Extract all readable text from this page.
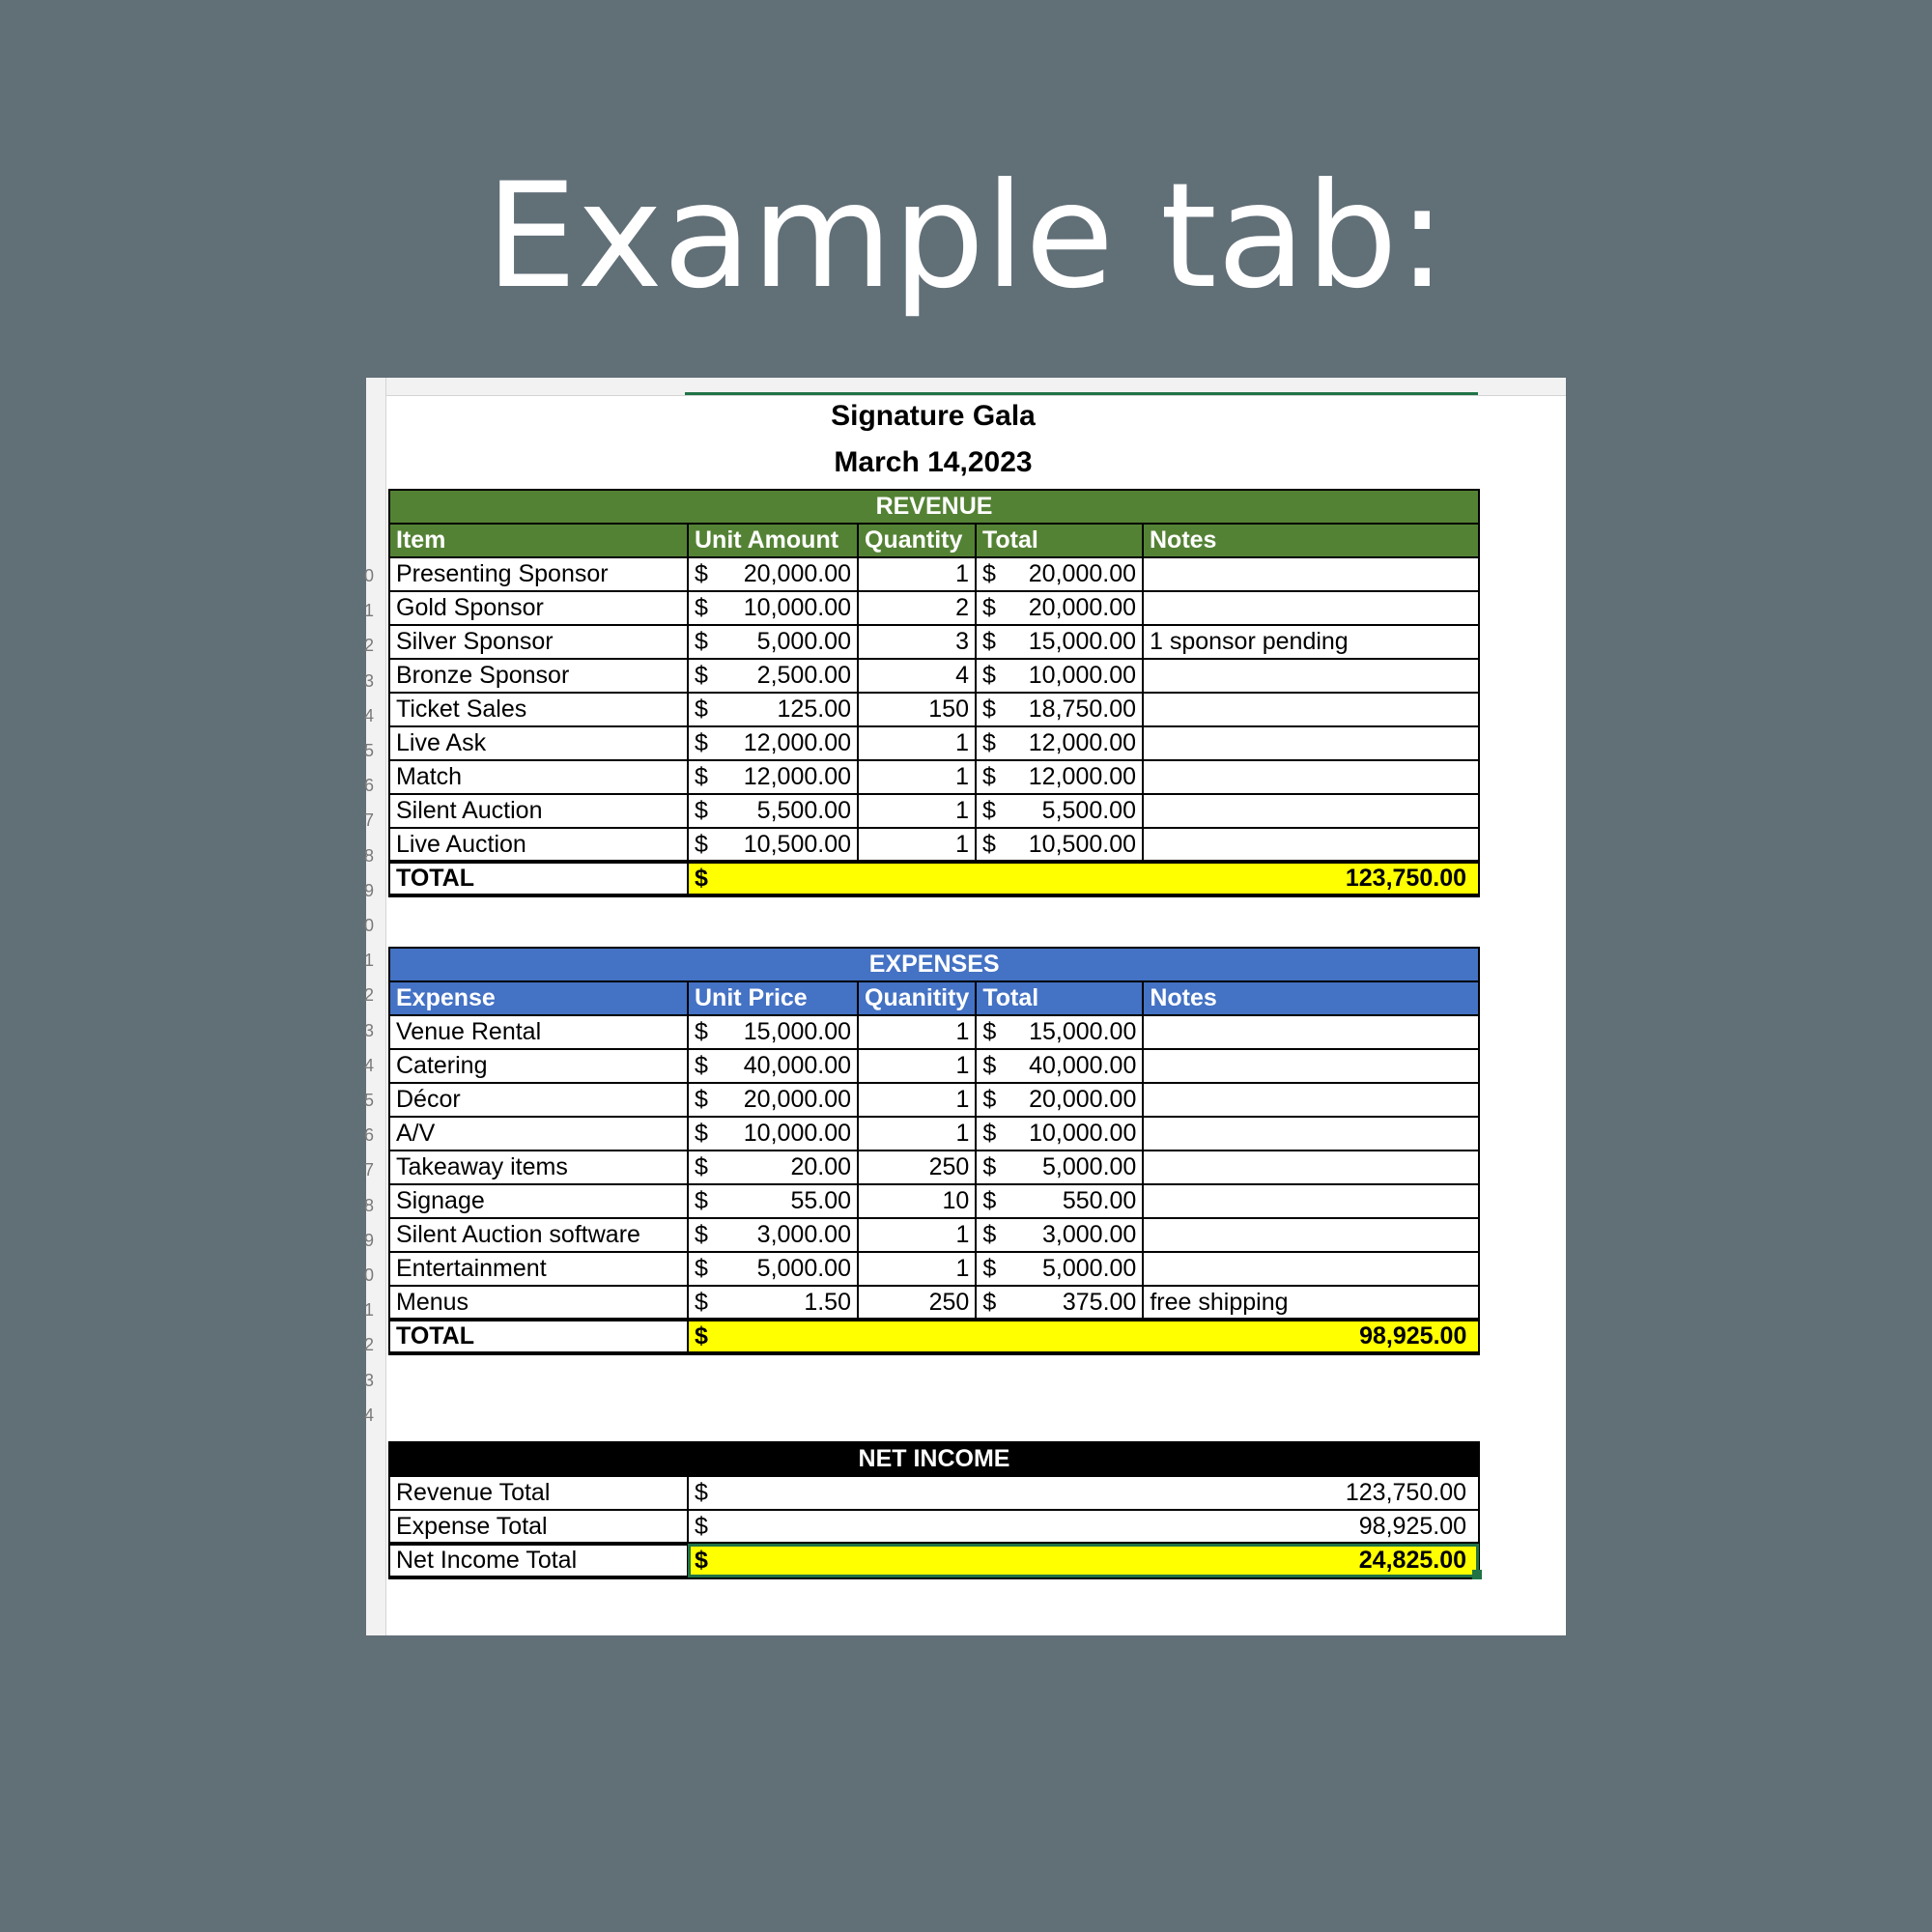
Example tab:
0
1
2
3
4
5
6
7
8
9
0
1
2
3
4
5
6
7
8
9
0
1
2
3
4
Signature Gala
March 14,2023
REVENUE				
Item	Unit Amount	Quantity	Total	Notes
Presenting Sponsor	$ 20,000.00	1	$ 20,000.00	

Gold Sponsor	$ 10,000.00	2	$ 20,000.00	

Silver Sponsor	$ 5,000.00	3	$ 15,000.00	1 sponsor pending
Bronze Sponsor	$ 2,500.00	4	$ 10,000.00	

Ticket Sales	$ 125.00	150	$ 18,750.00	

Live Ask	$ 12,000.00	1	$ 12,000.00	

Match	$ 12,000.00	1	$ 12,000.00	

Silent Auction	$ 5,500.00	1	$ 5,500.00	

Live Auction	$ 10,500.00	1	$ 10,500.00	

TOTAL	$ 123,750.00			
EXPENSES				
Expense	Unit Price	Quanitity	Total	Notes
Venue Rental	$ 15,000.00	1	$ 15,000.00	

Catering	$ 40,000.00	1	$ 40,000.00	

Décor	$ 20,000.00	1	$ 20,000.00	

A/V	$ 10,000.00	1	$ 10,000.00	

Takeaway items	$ 20.00	250	$ 5,000.00	

Signage	$ 55.00	10	$ 550.00	

Silent Auction software	$ 3,000.00	1	$ 3,000.00	

Entertainment	$ 5,000.00	1	$ 5,000.00	

Menus	$ 1.50	250	$ 375.00	free shipping
TOTAL	$ 98,925.00			
NET INCOME	
Revenue Total	$ 123,750.00

Expense Total	$ 98,925.00

Net Income Total	$ 24,825.00
